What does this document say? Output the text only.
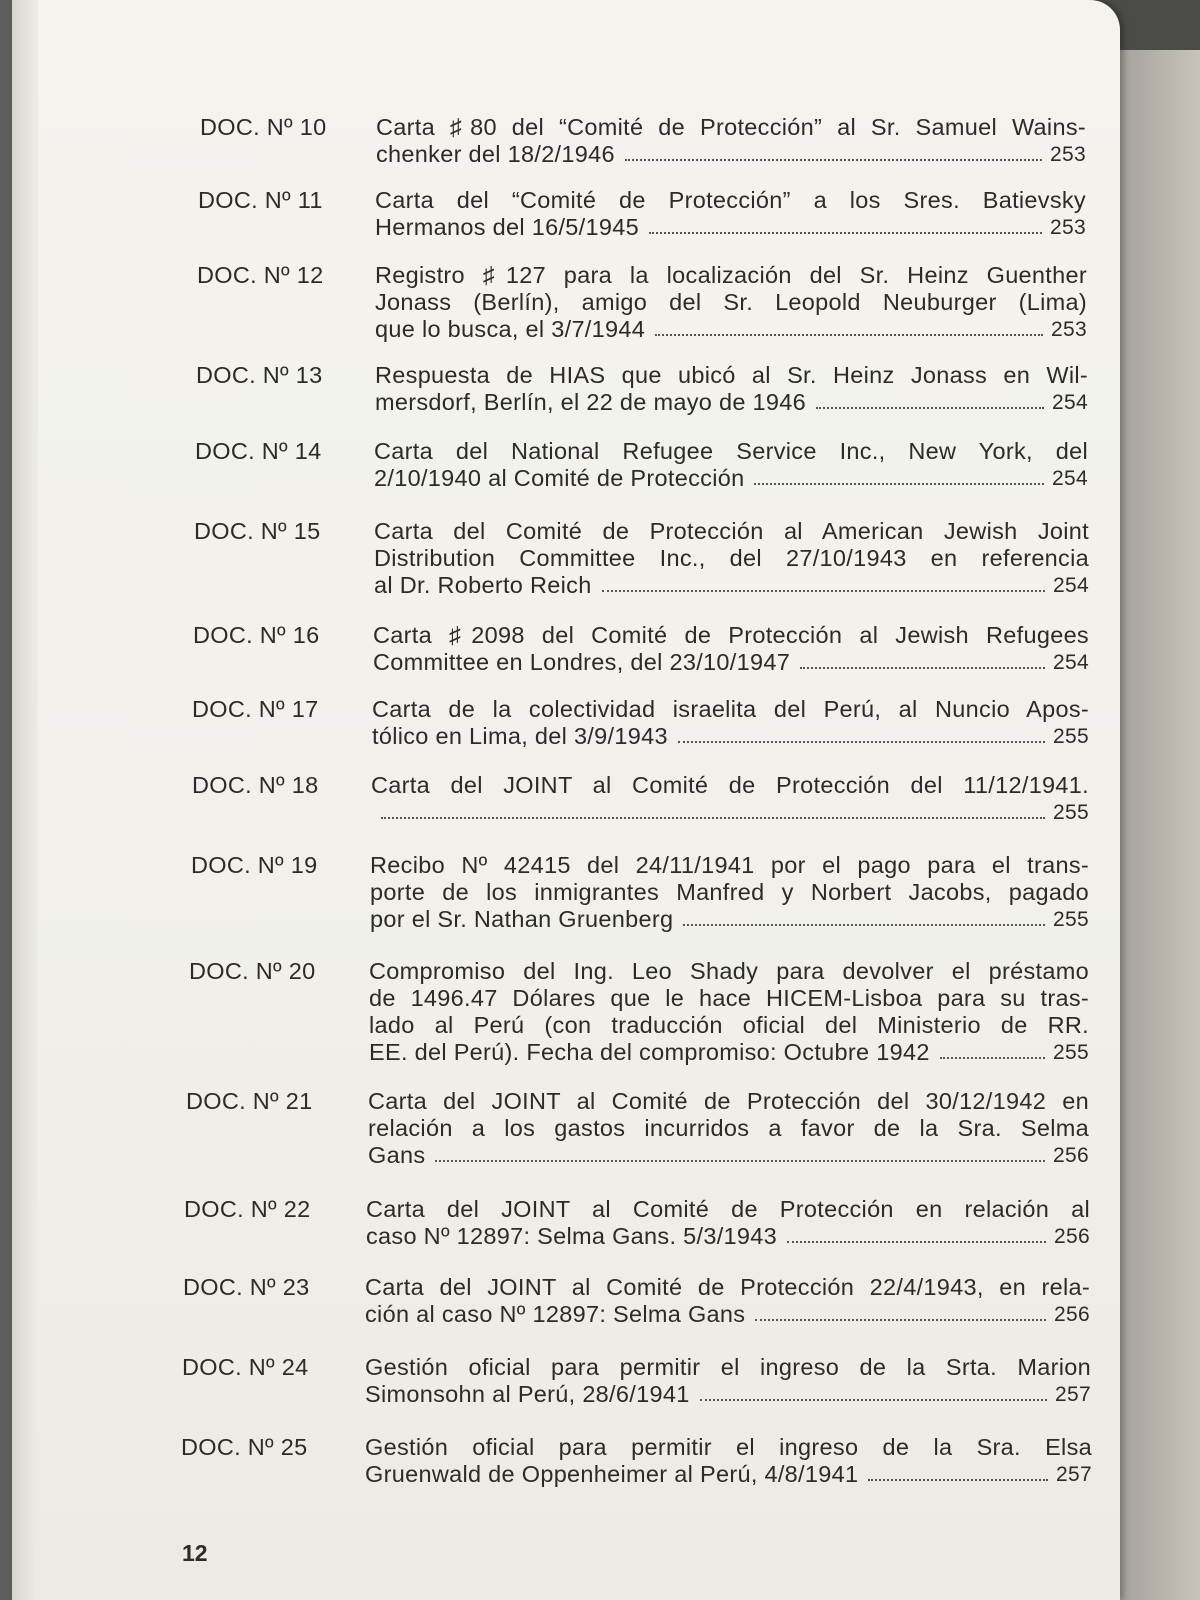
DOC. Nº 10 Carta ♯80 del “Comité de Protección” al Sr. Samuel Wains-
chenker del 18/2/1946	253
DOC. Nº 11 Carta del “Comité de Protección” a los Sres. Batievsky
Hermanos del 16/5/1945	253
DOC. Nº 12 Registro ♯127 para la localización del Sr. Heinz Guenther
Jonass (Berlín), amigo del Sr. Leopold Neuburger (Lima)
que lo busca, el 3/7/1944	253
DOC. Nº 13 Respuesta de HIAS que ubicó al Sr. Heinz Jonass en Wil-
mersdorf, Berlín, el 22 de mayo de 1946	254
DOC. Nº 14 Carta del National Refugee Service Inc., New York, del
2/10/1940 al Comité de Protección	254
DOC. Nº 15 Carta del Comité de Protección al American Jewish Joint
Distribution Committee Inc., del 27/10/1943 en referencia
al Dr. Roberto Reich	254
DOC. Nº 16 Carta ♯2098 del Comité de Protección al Jewish Refugees
Committee en Londres, del 23/10/1947	254
DOC. Nº 17 Carta de la colectividad israelita del Perú, al Nuncio Apos-
tólico en Lima, del 3/9/1943	255
DOC. Nº 18 Carta del JOINT al Comité de Protección del 11/12/1941.
255
DOC. Nº 19 Recibo Nº 42415 del 24/11/1941 por el pago para el trans-
porte de los inmigrantes Manfred y Norbert Jacobs, pagado
por el Sr. Nathan Gruenberg	255
DOC. Nº 20 Compromiso del Ing. Leo Shady para devolver el préstamo
de 1496.47 Dólares que le hace HICEM-Lisboa para su tras-
lado al Perú (con traducción oficial del Ministerio de RR.
EE. del Perú). Fecha del compromiso: Octubre 1942	255
DOC. Nº 21 Carta del JOINT al Comité de Protección del 30/12/1942 en
relación a los gastos incurridos a favor de la Sra. Selma
Gans	256
DOC. Nº 22 Carta del JOINT al Comité de Protección en relación al
caso Nº 12897: Selma Gans. 5/3/1943	256
DOC. Nº 23 Carta del JOINT al Comité de Protección 22/4/1943, en rela-
ción al caso Nº 12897: Selma Gans	256
DOC. Nº 24 Gestión oficial para permitir el ingreso de la Srta. Marion
Simonsohn al Perú, 28/6/1941	257
DOC. Nº 25 Gestión oficial para permitir el ingreso de la Sra. Elsa
Gruenwald de Oppenheimer al Perú, 4/8/1941	257
12
